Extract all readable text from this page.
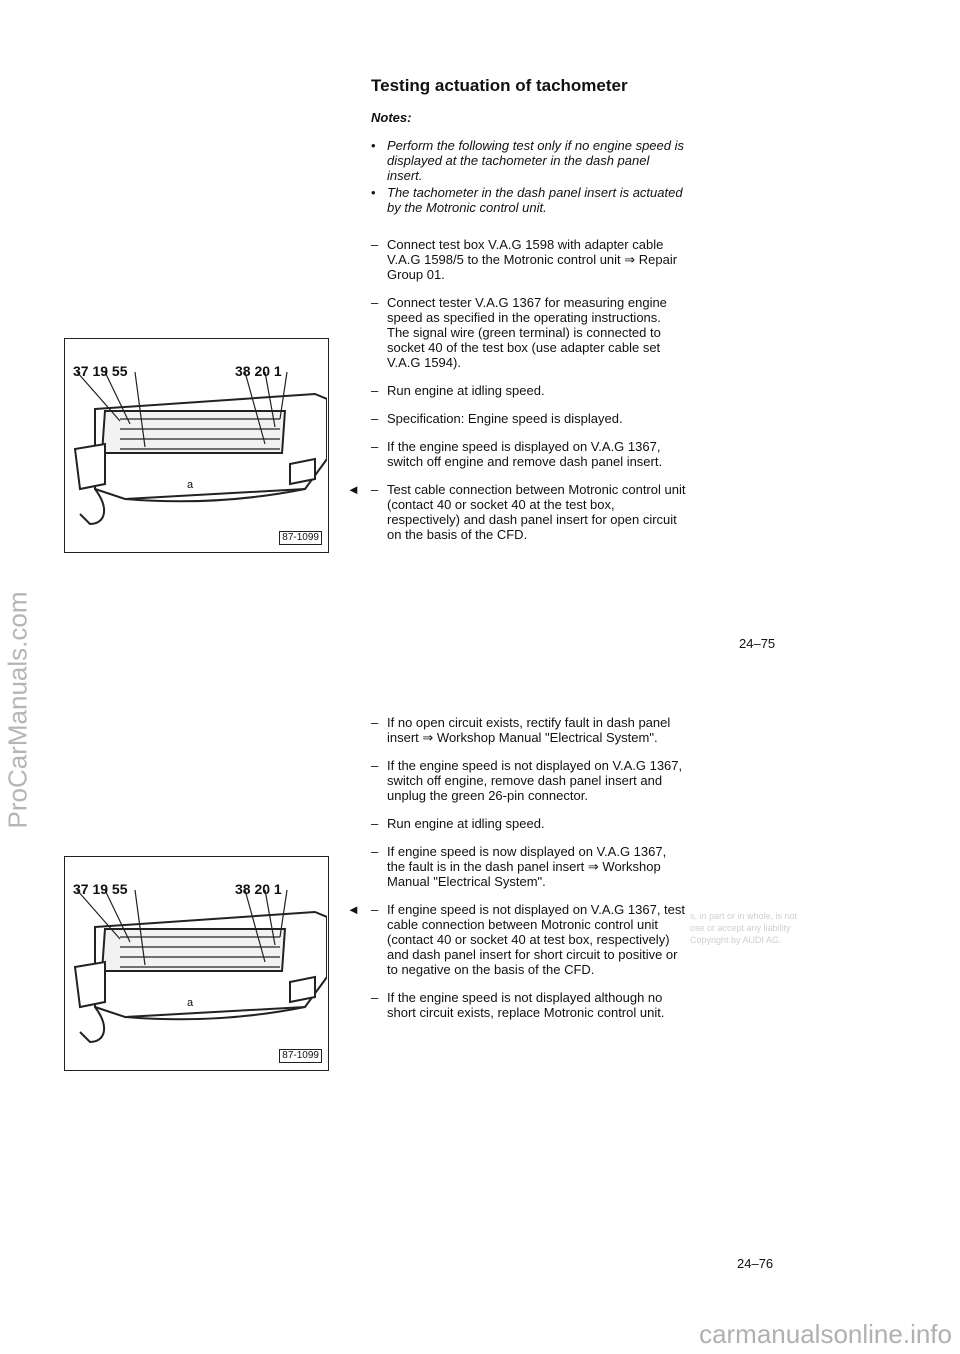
ProCarManuals.com
carmanualsonline.info
Testing actuation of tachometer
Notes:
• Perform the following test only if no engine speed is displayed at the tachometer in the dash panel insert.
• The tachometer in the dash panel insert is actuated by the Motronic control unit.
– Connect test box V.A.G 1598 with adapter cable V.A.G 1598/5 to the Motronic control unit ⇒ Repair Group 01.
– Connect tester V.A.G 1367 for measuring engine speed as specified in the operating instructions. The signal wire (green terminal) is connected to socket 40 of the test box (use adapter cable set V.A.G 1594).
– Run engine at idling speed.
– Specification: Engine speed is displayed.
– If the engine speed is displayed on V.A.G 1367, switch off engine and remove dash panel insert.
◄ – Test cable connection between Motronic control unit (contact 40 or socket 40 at the test box, respectively) and dash panel insert for open circuit on the basis of the CFD.
24–75
37 19 55	38 20 1
a
87-1099
– If no open circuit exists, rectify fault in dash panel insert ⇒ Workshop Manual "Electrical System".
– If the engine speed is not displayed on V.A.G 1367, switch off engine, remove dash panel insert and unplug the green 26-pin connector.
– Run engine at idling speed.
– If engine speed is now displayed on V.A.G 1367, the fault is in the dash panel insert ⇒ Workshop Manual "Electrical System".
◄ – If engine speed is not displayed on V.A.G 1367, test cable connection between Motronic control unit (contact 40 or socket 40 at test box, respectively) and dash panel insert for short circuit to positive or to negative on the basis of the CFD.
– If the engine speed is not displayed although no short circuit exists, replace Motronic control unit.
s, in part or in whole, is not
ose or accept any liability
Copyright by AUDI AG.
24–76
37 19 55	38 20 1
a
87-1099
